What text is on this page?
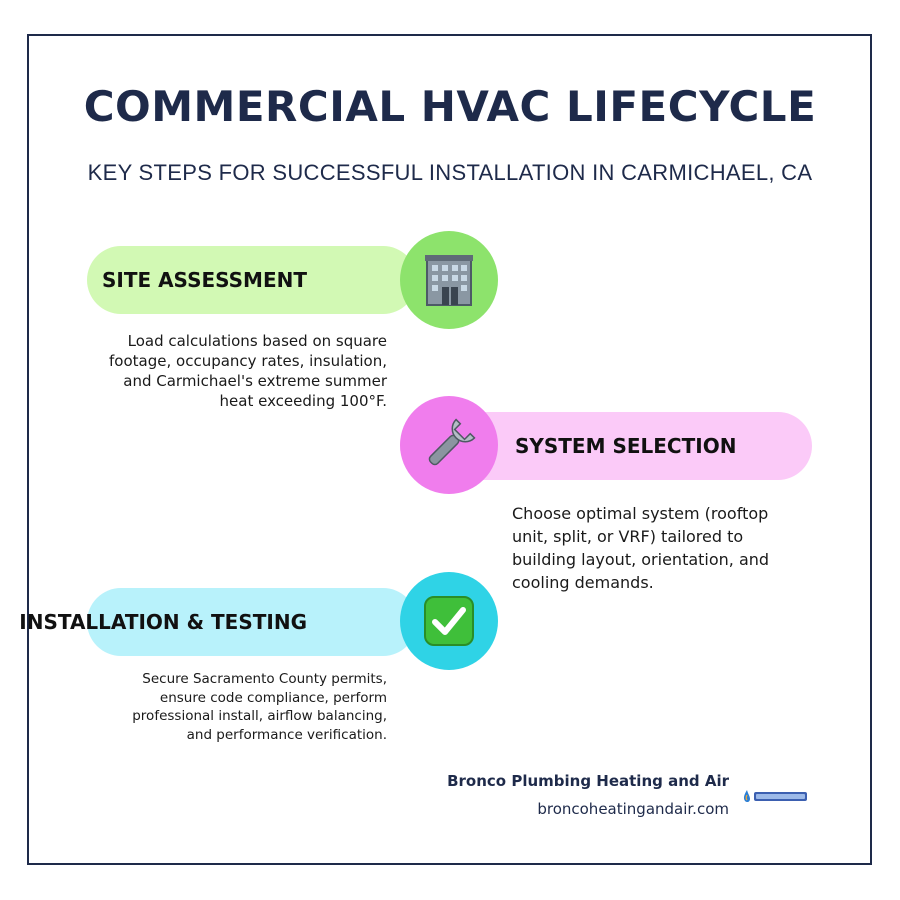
COMMERCIAL HVAC LIFECYCLE
KEY STEPS FOR SUCCESSFUL INSTALLATION IN CARMICHAEL, CA
SITE ASSESSMENT
Load calculations based on square
footage, occupancy rates, insulation,
and Carmichael's extreme summer
heat exceeding 100°F.
SYSTEM SELECTION
Choose optimal system (rooftop
unit, split, or VRF) tailored to
building layout, orientation, and
cooling demands.
INSTALLATION & TESTING
Secure Sacramento County permits,
ensure code compliance, perform
professional install, airflow balancing,
and performance verification.
Bronco Plumbing Heating and Air
broncoheatingandair.com
